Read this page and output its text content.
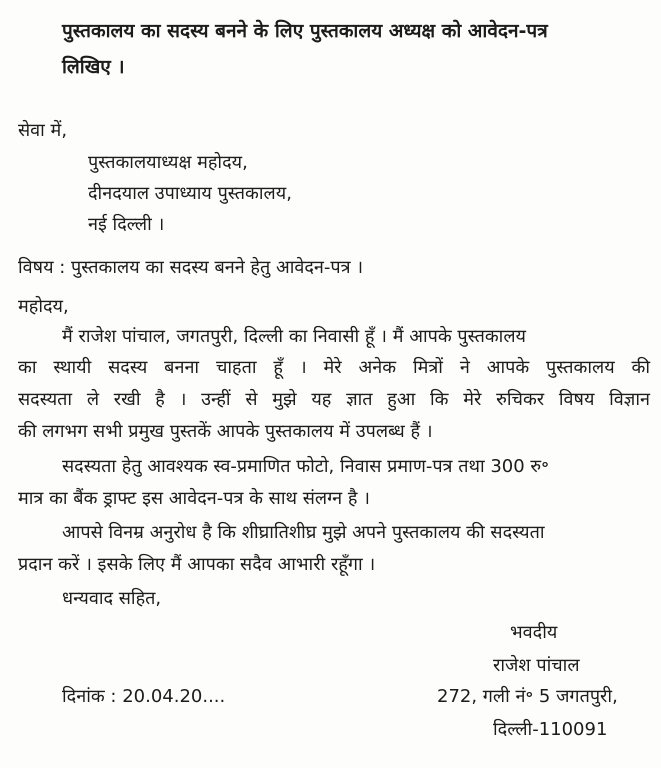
पुस्तकालय का सदस्य बनने के लिए पुस्तकालय अध्यक्ष को आवेदन-पत्र
लिखिए ।
सेवा में,
पुस्तकालयाध्यक्ष महोदय,
दीनदयाल उपाध्याय पुस्तकालय,
नई दिल्ली ।
विषय : पुस्तकालय का सदस्य बनने हेतु आवेदन-पत्र ।
महोदय,
मैं राजेश पांचाल, जगतपुरी, दिल्ली का निवासी हूँ । मैं आपके पुस्तकालय
का स्थायी सदस्य बनना चाहता हूँ । मेरे अनेक मित्रों ने आपके पुस्तकालय की
सदस्यता ले रखी है । उन्हीं से मुझे यह ज्ञात हुआ कि मेरे रुचिकर विषय विज्ञान
की लगभग सभी प्रमुख पुस्तकें आपके पुस्तकालय में उपलब्ध हैं ।
सदस्यता हेतु आवश्यक स्व-प्रमाणित फोटो, निवास प्रमाण-पत्र तथा 300 रु॰
मात्र का बैंक ड्राफ्ट इस आवेदन-पत्र के साथ संलग्न है ।
आपसे विनम्र अनुरोध है कि शीघ्रातिशीघ्र मुझे अपने पुस्तकालय की सदस्यता
प्रदान करें । इसके लिए मैं आपका सदैव आभारी रहूँगा ।
धन्यवाद सहित,
भवदीय
राजेश पांचाल
दिनांक : 20.04.20....	272, गली नं॰ 5 जगतपुरी,
दिल्ली-110091
